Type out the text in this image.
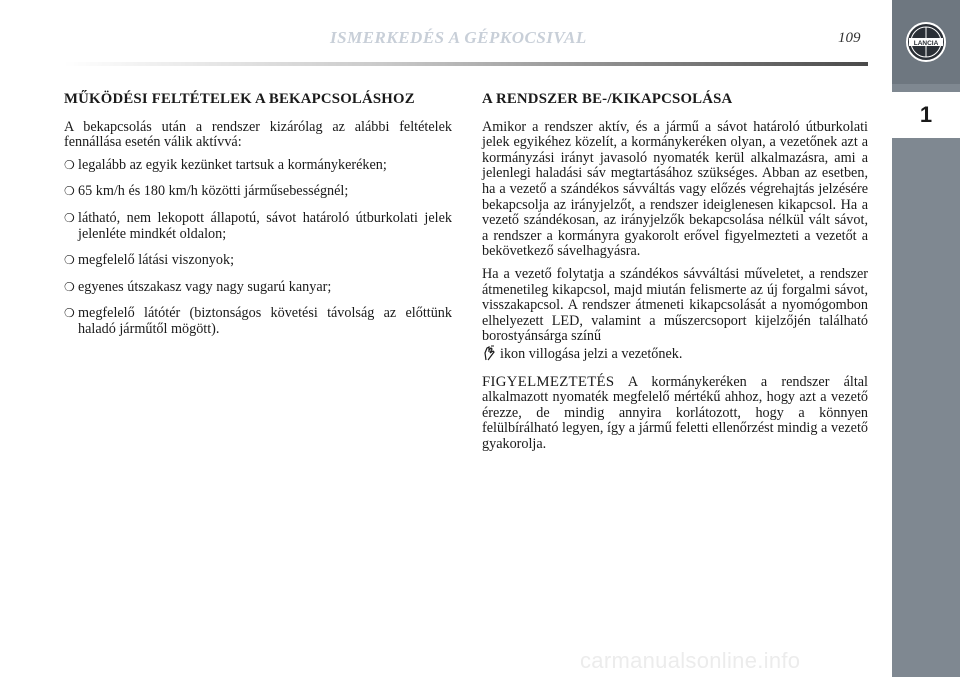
ISMERKEDÉS A GÉPKOCSIVAL	109	LANCIA
1
MŰKÖDÉSI FELTÉTELEK A BEKAPCSOLÁSHOZ

A bekapcsolás után a rendszer kizárólag az alábbi feltételek fennállása esetén válik aktívvá:

❍ legalább az egyik kezünket tartsuk a kormánykeréken;
❍ 65 km/h és 180 km/h közötti járműsebességnél;
❍ látható, nem lekopott állapotú, sávot határoló útburkolati jelek jelenléte mindkét oldalon;
❍ megfelelő látási viszonyok;
❍ egyenes útszakasz vagy nagy sugarú kanyar;
❍ megfelelő látótér (biztonságos követési távolság az előttünk haladó járműtől mögött).
A RENDSZER BE-/KIKAPCSOLÁSA

Amikor a rendszer aktív, és a jármű a sávot határoló útburkolati jelek egyikéhez közelít, a kormánykeréken olyan, a vezetőnek azt a kormányzási irányt javasoló nyomaték kerül alkalmazásra, ami a jelenlegi haladási sáv megtartásához szükséges. Abban az esetben, ha a vezető a szándékos sávváltás vagy előzés végrehajtás jelzésére bekapcsolja az irányjelzőt, a rendszer ideiglenesen kikapcsol. Ha a vezető szándékosan, az irányjelzők bekapcsolása nélkül vált sávot, a rendszer a kormányra gyakorolt erővel figyelmezteti a vezetőt a bekövetkező sávelhagyásra.

Ha a vezető folytatja a szándékos sávváltási műveletet, a rendszer átmenetileg kikapcsol, majd miután felismerte az új forgalmi sávot, visszakapcsol. A rendszer átmeneti kikapcsolását a nyomógombon elhelyezett LED, valamint a műszercsoport kijelzőjén található borostyánsárga színű
ikon villogása jelzi a vezetőnek.

FIGYELMEZTETÉS A kormánykeréken a rendszer által alkalmazott nyomaték megfelelő mértékű ahhoz, hogy azt a vezető érezze, de mindig annyira korlátozott, hogy a könnyen felülbírálható legyen, így a jármű feletti ellenőrzést mindig a vezető gyakorolja.

carmanualsonline.info
